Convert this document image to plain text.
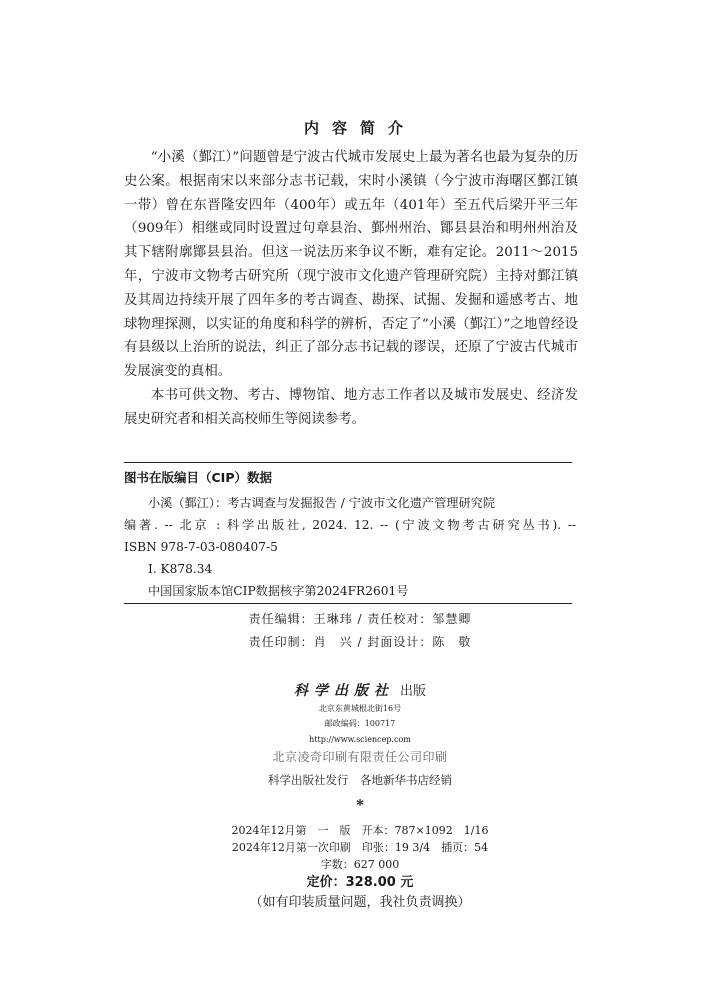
内容简介

“小溪（鄞江）”问题曾是宁波古代城市发展史上最为著名也最为复杂的历史公案。根据南宋以来部分志书记载，宋时小溪镇（今宁波市海曙区鄞江镇一带）曾在东晋隆安四年（400年）或五年（401年）至五代后梁开平三年（909年）相继或同时设置过句章县治、鄞州州治、鄮县县治和明州州治及其下辖附廓鄮县县治。但这一说法历来争议不断，难有定论。2011～2015年，宁波市文物考古研究所（现宁波市文化遗产管理研究院）主持对鄞江镇及其周边持续开展了四年多的考古调查、勘探、试掘、发掘和遥感考古、地球物理探测，以实证的角度和科学的辨析，否定了“小溪（鄞江）”之地曾经设有县级以上治所的说法，纠正了部分志书记载的谬误，还原了宁波古代城市发展演变的真相。

本书可供文物、考古、博物馆、地方志工作者以及城市发展史、经济发展史研究者和相关高校师生等阅读参考。

图书在版编目（CIP）数据
小溪（鄞江）：考古调查与发掘报告 / 宁波市文化遗产管理研究院
编著. -- 北京 : 科学出版社, 2024. 12. -- (宁波文物考古研究丛书). --
ISBN 978-7-03-080407-5
Ⅰ. K878.34
中国国家版本馆CIP数据核字第2024FR2601号
责任编辑：王琳玮 / 责任校对：邹慧卿
责任印制：肖　兴 / 封面设计：陈　敬
科学出版社 出版
北京东黄城根北街16号
邮政编码：100717
http://www.sciencep.com
北京凌奇印刷有限责任公司印刷
科学出版社发行　各地新华书店经销
*
2024年12月第　一　版　开本：787×1092　1/16
2024年12月第一次印刷　印张：19 3/4　插页：54
字数：627 000
定价：328.00 元
（如有印装质量问题，我社负责调换）
